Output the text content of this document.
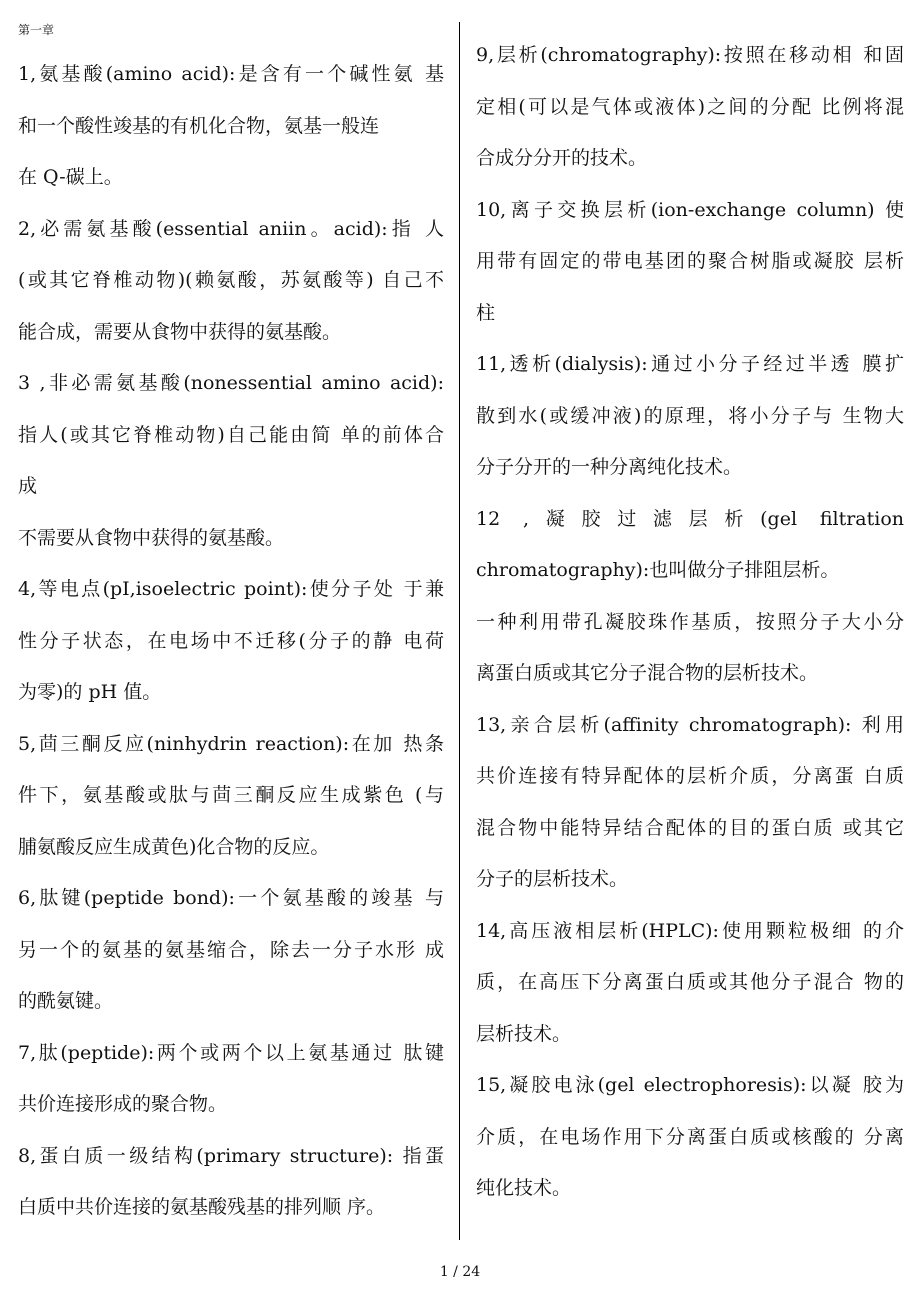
第一章
1,氨基酸(amino acid):是含有一个碱性氨 基
和一个酸性竣基的有机化合物，氨基一般连
在 Q-碳上。
2,必需氨基酸(essential aniin。acid):指 人
(或其它脊椎动物)(赖氨酸，苏氨酸等) 自己不
能合成，需要从食物中获得的氨基酸。
3 ,非必需氨基酸(nonessential amino acid):
指人(或其它脊椎动物)自己能由简 单的前体合
成
不需要从食物中获得的氨基酸。
4,等电点(pI,isoelectric point):使分子处 于兼
性分子状态，在电场中不迁移(分子的静 电荷
为零)的 pH 值。
5,茴三酮反应(ninhydrin reaction):在加 热条
件下，氨基酸或肽与茴三酮反应生成紫色 (与
脯氨酸反应生成黄色)化合物的反应。
6,肽键(peptide bond):一个氨基酸的竣基 与
另一个的氨基的氨基缩合，除去一分子水形 成
的酰氨键。
7,肽(peptide):两个或两个以上氨基通过 肽键
共价连接形成的聚合物。
8,蛋白质一级结构(primary structure): 指蛋
白质中共价连接的氨基酸残基的排列顺 序。
9,层析(chromatography):按照在移动相 和固
定相(可以是气体或液体)之间的分配 比例将混
合成分分开的技术。
10,离子交换层析(ion-exchange column) 使
用带有固定的带电基团的聚合树脂或凝胶 层析
柱
11,透析(dialysis):通过小分子经过半透 膜扩
散到水(或缓冲液)的原理，将小分子与 生物大
分子分开的一种分离纯化技术。
12 ,凝胶过滤层析(gel filtration
chromatography):也叫做分子排阻层析。
一种利用带孔凝胶珠作基质，按照分子大小分
离蛋白质或其它分子混合物的层析技术。
13,亲合层析(affinity chromatograph): 利用
共价连接有特异配体的层析介质，分离蛋 白质
混合物中能特异结合配体的目的蛋白质 或其它
分子的层析技术。
14,高压液相层析(HPLC):使用颗粒极细 的介
质，在高压下分离蛋白质或其他分子混合 物的
层析技术。
15,凝胶电泳(gel electrophoresis):以凝 胶为
介质，在电场作用下分离蛋白质或核酸的 分离
纯化技术。
1 / 24
